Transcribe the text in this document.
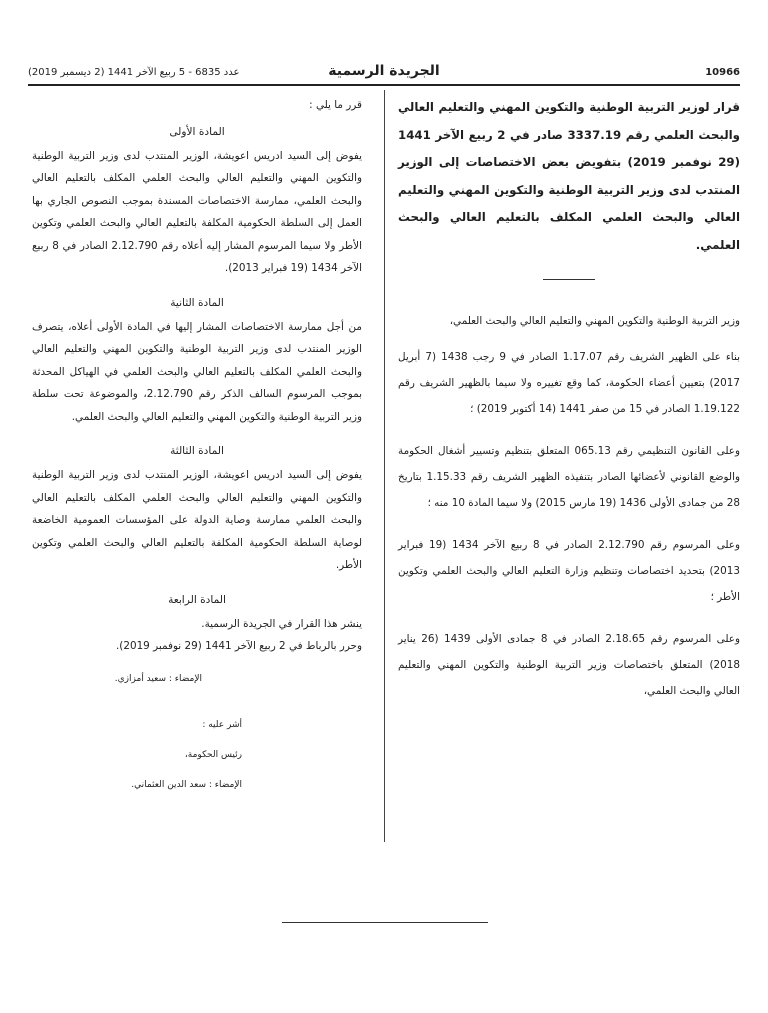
10966
الجريدة الرسمية
عدد 6835 - 5 ربيع الآخر 1441 (2 ديسمبر 2019)

قرار لوزير التربية الوطنية والتكوين المهني والتعليم العالي والبحث العلمي رقم 3337.19 صادر في 2 ربيع الآخر 1441 (29 نوفمبر 2019) بتفويض بعض الاختصاصات إلى الوزير المنتدب لدى وزير التربية الوطنية والتكوين المهني والتعليم العالي والبحث العلمي المكلف بالتعليم العالي والبحث العلمي.

وزير التربية الوطنية والتكوين المهني والتعليم العالي والبحث العلمي،

بناء على الظهير الشريف رقم 1.17.07 الصادر في 9 رجب 1438 (7 أبريل 2017) بتعيين أعضاء الحكومة، كما وقع تغييره ولا سيما بالظهير الشريف رقم 1.19.122 الصادر في 15 من صفر 1441 (14 أكتوبر 2019) ؛

وعلى القانون التنظيمي رقم 065.13 المتعلق بتنظيم وتسيير أشغال الحكومة والوضع القانوني لأعضائها الصادر بتنفيذه الظهير الشريف رقم 1.15.33 بتاريخ 28 من جمادى الأولى 1436 (19 مارس 2015) ولا سيما المادة 10 منه ؛

وعلى المرسوم رقم 2.12.790 الصادر في 8 ربيع الآخر 1434 (19 فبراير 2013) بتحديد اختصاصات وتنظيم وزارة التعليم العالي والبحث العلمي وتكوين الأطر ؛

وعلى المرسوم رقم 2.18.65 الصادر في 8 جمادى الأولى 1439 (26 يناير 2018) المتعلق باختصاصات وزير التربية الوطنية والتكوين المهني والتعليم العالي والبحث العلمي،

قرر ما يلي :

المادة الأولى

يفوض إلى السيد ادريس اعويشة، الوزير المنتدب لدى وزير التربية الوطنية والتكوين المهني والتعليم العالي والبحث العلمي المكلف بالتعليم العالي والبحث العلمي، ممارسة الاختصاصات المسندة بموجب النصوص الجاري بها العمل إلى السلطة الحكومية المكلفة بالتعليم العالي والبحث العلمي وتكوين الأطر ولا سيما المرسوم المشار إليه أعلاه رقم 2.12.790 الصادر في 8 ربيع الآخر 1434 (19 فبراير 2013).

المادة الثانية

من أجل ممارسة الاختصاصات المشار إليها في المادة الأولى أعلاه، يتصرف الوزير المنتدب لدى وزير التربية الوطنية والتكوين المهني والتعليم العالي والبحث العلمي المكلف بالتعليم العالي والبحث العلمي في الهياكل المحدثة بموجب المرسوم السالف الذكر رقم 2.12.790، والموضوعة تحت سلطة وزير التربية الوطنية والتكوين المهني والتعليم العالي والبحث العلمي.

المادة الثالثة

يفوض إلى السيد ادريس اعويشة، الوزير المنتدب لدى وزير التربية الوطنية والتكوين المهني والتعليم العالي والبحث العلمي المكلف بالتعليم العالي والبحث العلمي ممارسة وصاية الدولة على المؤسسات العمومية الخاضعة لوصاية السلطة الحكومية المكلفة بالتعليم العالي والبحث العلمي وتكوين الأطر.

المادة الرابعة

ينشر هذا القرار في الجريدة الرسمية.

وحرر بالرباط في 2 ربيع الآخر 1441 (29 نوفمبر 2019).

الإمضاء : سعيد أمزازي.

أشر عليه :

رئيس الحكومة،

الإمضاء : سعد الدين العثماني.
